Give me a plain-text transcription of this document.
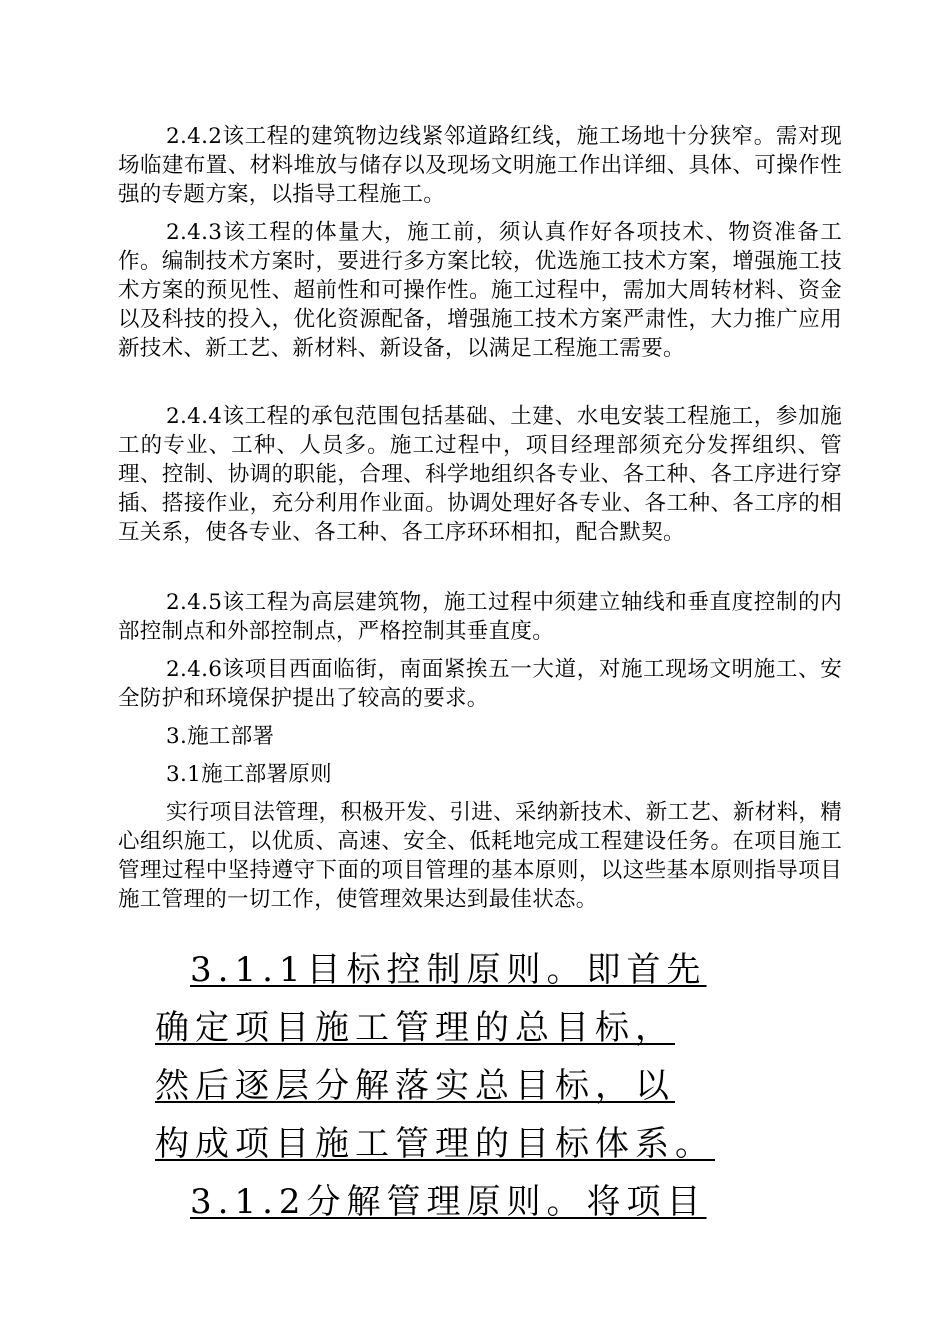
2.4.2该工程的建筑物边线紧邻道路红线，施工场地十分狭窄。需对现场临建布置、材料堆放与储存以及现场文明施工作出详细、具体、可操作性强的专题方案，以指导工程施工。

2.4.3该工程的体量大，施工前，须认真作好各项技术、物资准备工作。编制技术方案时，要进行多方案比较，优选施工技术方案，增强施工技术方案的预见性、超前性和可操作性。施工过程中，需加大周转材料、资金以及科技的投入，优化资源配备，增强施工技术方案严肃性，大力推广应用新技术、新工艺、新材料、新设备，以满足工程施工需要。

2.4.4该工程的承包范围包括基础、土建、水电安装工程施工，参加施工的专业、工种、人员多。施工过程中，项目经理部须充分发挥组织、管理、控制、协调的职能，合理、科学地组织各专业、各工种、各工序进行穿插、搭接作业，充分利用作业面。协调处理好各专业、各工种、各工序的相互关系，使各专业、各工种、各工序环环相扣，配合默契。

2.4.5该工程为高层建筑物，施工过程中须建立轴线和垂直度控制的内部控制点和外部控制点，严格控制其垂直度。

2.4.6该项目西面临街，南面紧挨五一大道，对施工现场文明施工、安全防护和环境保护提出了较高的要求。

3.施工部署

3.1施工部署原则

实行项目法管理，积极开发、引进、采纳新技术、新工艺、新材料，精心组织施工，以优质、高速、安全、低耗地完成工程建设任务。在项目施工管理过程中坚持遵守下面的项目管理的基本原则，以这些基本原则指导项目施工管理的一切工作，使管理效果达到最佳状态。

3.1.1目标控制原则。即首先

确定项目施工管理的总目标，

然后逐层分解落实总目标，以

构成项目施工管理的目标体系。

3.1.2分解管理原则。将项目
